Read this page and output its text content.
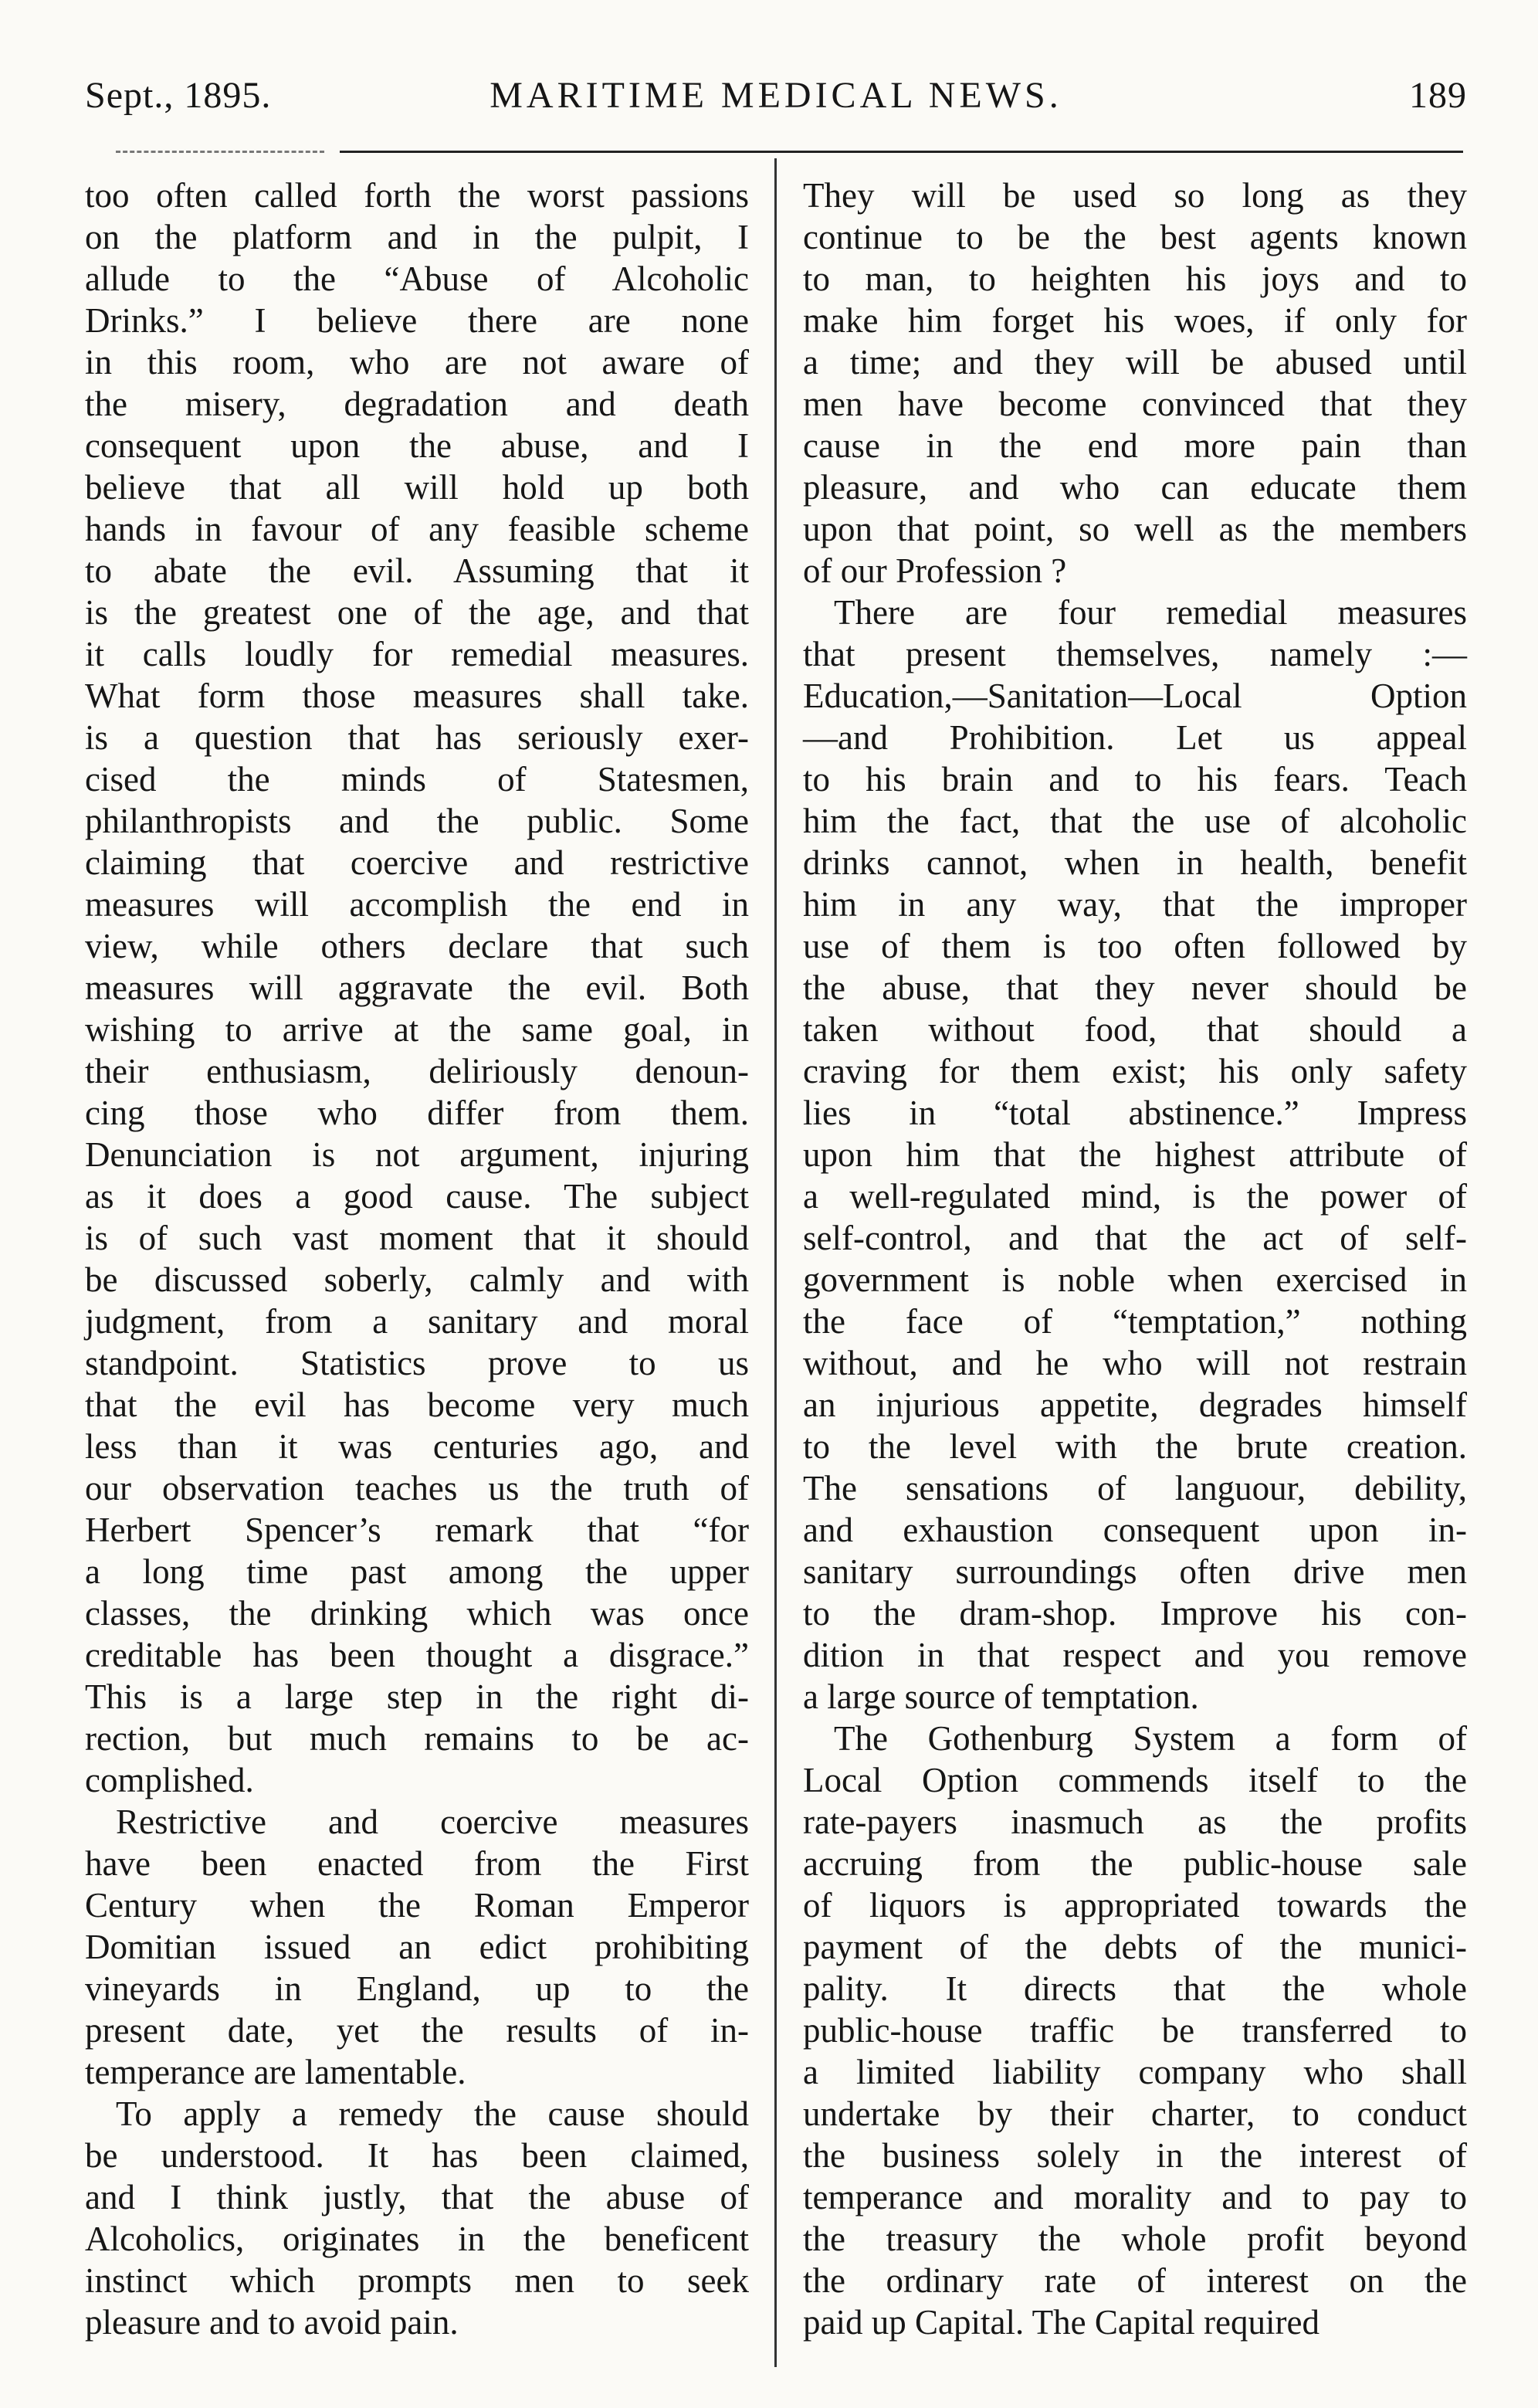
Sept., 1895.	MARITIME MEDICAL NEWS.	189
too often called forth the worst passions
on the platform and in the pulpit, I
allude to the “Abuse of Alcoholic
Drinks.” I believe there are none
in this room, who are not aware of
the misery, degradation and death
consequent upon the abuse, and I
believe that all will hold up both
hands in favour of any feasible scheme
to abate the evil. Assuming that it
is the greatest one of the age, and that
it calls loudly for remedial measures.
What form those measures shall take.
is a question that has seriously exer-
cised the minds of Statesmen,
philanthropists and the public. Some
claiming that coercive and restrictive
measures will accomplish the end in
view, while others declare that such
measures will aggravate the evil. Both
wishing to arrive at the same goal, in
their enthusiasm, deliriously denoun-
cing those who differ from them.
Denunciation is not argument, injuring
as it does a good cause. The subject
is of such vast moment that it should
be discussed soberly, calmly and with
judgment, from a sanitary and moral
standpoint. Statistics prove to us
that the evil has become very much
less than it was centuries ago, and
our observation teaches us the truth of
Herbert Spencer’s remark that “for
a long time past among the upper
classes, the drinking which was once
creditable has been thought a disgrace.”
This is a large step in the right di-
rection, but much remains to be ac-
complished.
Restrictive and coercive measures
have been enacted from the First
Century when the Roman Emperor
Domitian issued an edict prohibiting
vineyards in England, up to the
present date, yet the results of in-
temperance are lamentable.
To apply a remedy the cause should
be understood. It has been claimed,
and I think justly, that the abuse of
Alcoholics, originates in the beneficent
instinct which prompts men to seek
pleasure and to avoid pain.
They will be used so long as they
continue to be the best agents known
to man, to heighten his joys and to
make him forget his woes, if only for
a time; and they will be abused until
men have become convinced that they
cause in the end more pain than
pleasure, and who can educate them
upon that point, so well as the members
of our Profession ?
There are four remedial measures
that present themselves, namely :—
Education,—Sanitation—Local Option
—and Prohibition. Let us appeal
to his brain and to his fears. Teach
him the fact, that the use of alcoholic
drinks cannot, when in health, benefit
him in any way, that the improper
use of them is too often followed by
the abuse, that they never should be
taken without food, that should a
craving for them exist; his only safety
lies in “total abstinence.” Impress
upon him that the highest attribute of
a well-regulated mind, is the power of
self-control, and that the act of self-
government is noble when exercised in
the face of “temptation,” nothing
without, and he who will not restrain
an injurious appetite, degrades himself
to the level with the brute creation.
The sensations of languour, debility,
and exhaustion consequent upon in-
sanitary surroundings often drive men
to the dram-shop. Improve his con-
dition in that respect and you remove
a large source of temptation.
The Gothenburg System a form of
Local Option commends itself to the
rate-payers inasmuch as the profits
accruing from the public-house sale
of liquors is appropriated towards the
payment of the debts of the munici-
pality. It directs that the whole
public-house traffic be transferred to
a limited liability company who shall
undertake by their charter, to conduct
the business solely in the interest of
temperance and morality and to pay to
the treasury the whole profit beyond
the ordinary rate of interest on the
paid up Capital. The Capital required
